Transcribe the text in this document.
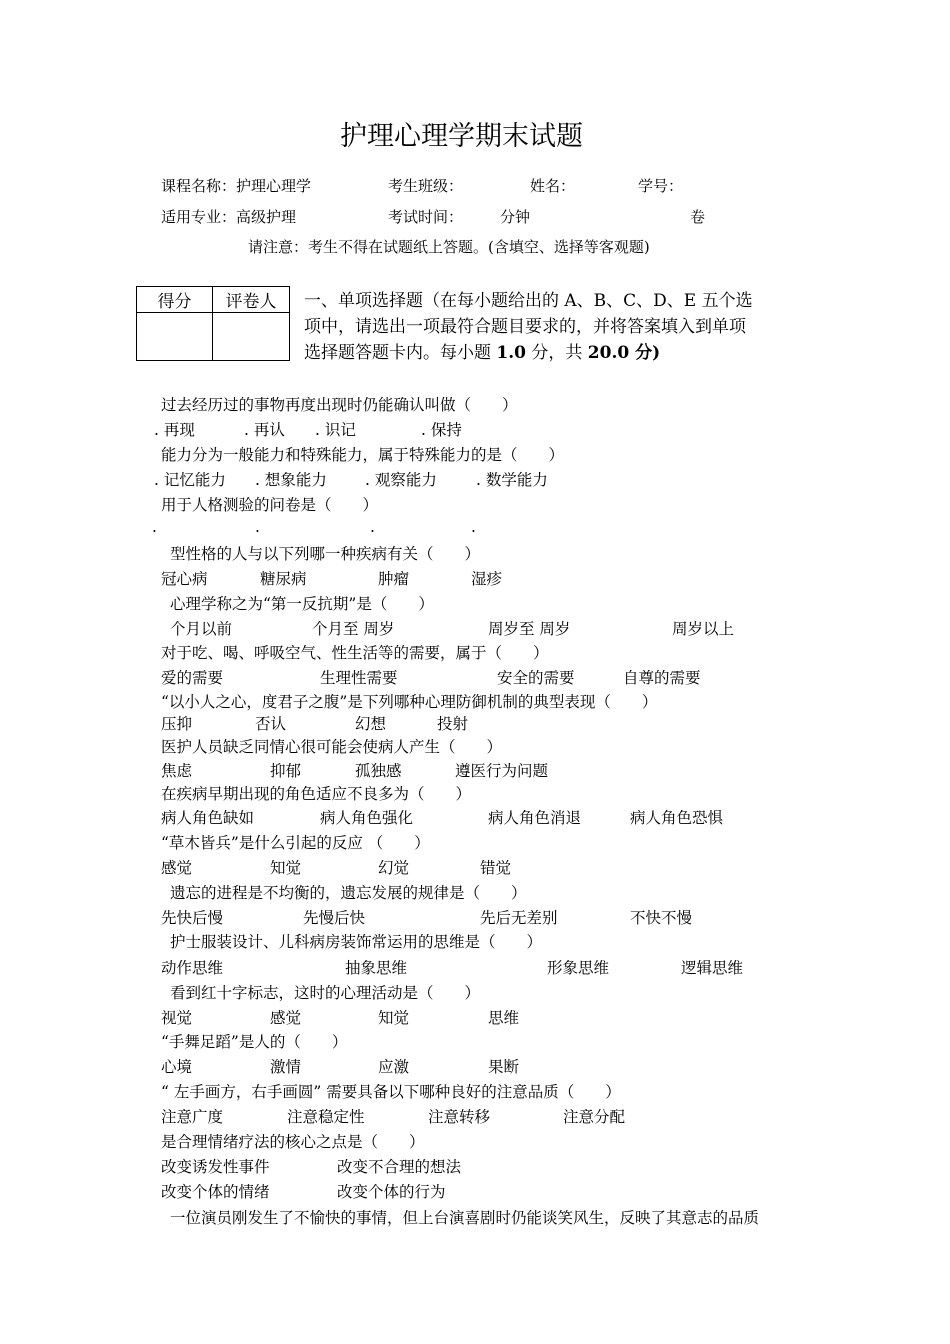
护理心理学期末试题
课程名称：护理心理学	考生班级：	姓名：	学号：
适用专业：高级护理	考试时间： 分钟	卷
请注意：考生不得在试题纸上答题。(含填空、选择等客观题)
得分	评卷人
	一、单项选择题（在每小题给出的 A、B、C、D、E 五个选
项中，请选出一项最符合题目要求的，并将答案填入到单项
选择题答题卡内。每小题 1.0 分，共 20.0 分)
过去经历过的事物再度出现时仍能确认叫做（　　）
. 再现	. 再认 . 识记	. 保持
能力分为一般能力和特殊能力，属于特殊能力的是（　　）
. 记忆能力 . 想象能力 . 观察能力	. 数学能力
用于人格测验的问卷是（　　）
.	.	.	.
型性格的人与以下列哪一种疾病有关（　　）
冠心病	糖尿病	肿瘤	湿疹
心理学称之为“第一反抗期”是（　　）
个月以前	个月至 周岁	周岁至 周岁	周岁以上
对于吃、喝、呼吸空气、性生活等的需要，属于（　　）
爱的需要	生理性需要	安全的需要	自尊的需要
“以小人之心，度君子之腹”是下列哪种心理防御机制的典型表现（　　）
压抑	否认	幻想	投射
医护人员缺乏同情心很可能会使病人产生（　　）
焦虑	抑郁	孤独感	遵医行为问题
在疾病早期出现的角色适应不良多为（　　）
病人角色缺如	病人角色强化	病人角色消退	病人角色恐惧
“草木皆兵”是什么引起的反应 （　　）
感觉	知觉	幻觉	错觉
遗忘的进程是不均衡的，遗忘发展的规律是（　　）
先快后慢	先慢后快	先后无差别	不快不慢
护士服装设计、儿科病房装饰常运用的思维是（　　）
动作思维	抽象思维	形象思维	逻辑思维
看到红十字标志，这时的心理活动是（　　）
视觉	感觉	知觉	思维
“手舞足蹈”是人的（　　）
心境	激情	应激	果断
“ 左手画方，右手画圆” 需要具备以下哪种良好的注意品质（　　）
注意广度	注意稳定性	注意转移	注意分配
是合理情绪疗法的核心之点是（　　）
改变诱发性事件	改变不合理的想法
改变个体的情绪	改变个体的行为
一位演员刚发生了不愉快的事情，但上台演喜剧时仍能谈笑风生，反映了其意志的品质
